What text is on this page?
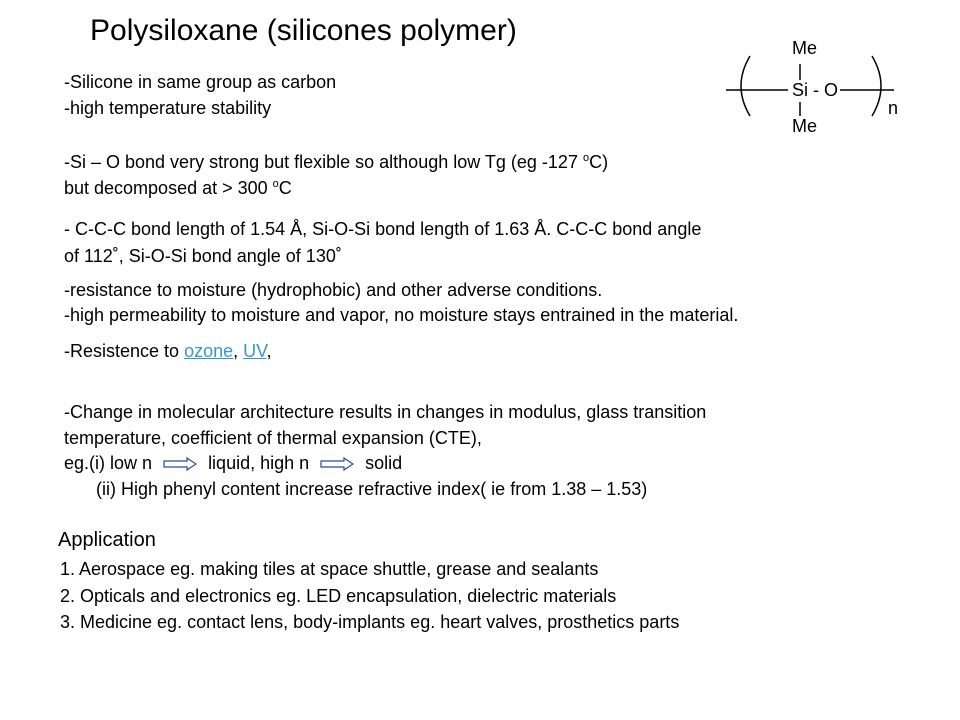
Polysiloxane (silicones polymer)
Me
Si - O
Me
n
-Silicone in same group as carbon
-high temperature stability
-Si – O bond very strong but flexible so although low Tg (eg -127 $^o$C)
but decomposed at > 300 $^o$C
- C-C-C bond length of 1.54 Å, Si-O-Si bond length of 1.63 Å. C-C-C bond angle
of 112˚, Si-O-Si bond angle of 130˚
-resistance to moisture (hydrophobic) and other adverse conditions.
-high permeability to moisture and vapor, no moisture stays entrained in the material.
-Resistence to ozone, UV,
-Change in molecular architecture results in changes in modulus, glass transition
temperature, coefficient of thermal expansion (CTE),
eg.(i) low n	liquid, high n	solid
(ii) High phenyl content increase refractive index( ie from 1.38 – 1.53)
Application
1. Aerospace eg. making tiles at space shuttle, grease and sealants
2. Opticals and electronics eg. LED encapsulation, dielectric materials
3. Medicine eg. contact lens, body-implants eg. heart valves, prosthetics parts
